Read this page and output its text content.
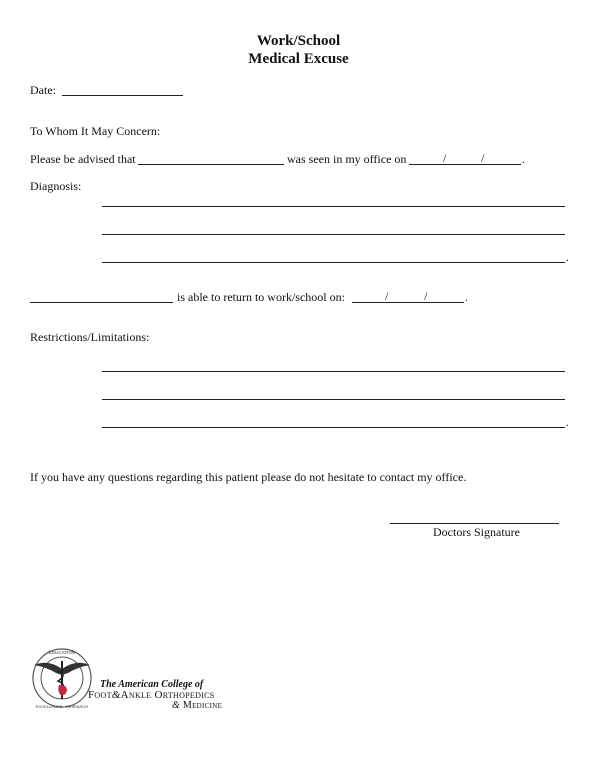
Work/School
Medical Excuse
Date:
To Whom It May Concern:
Please be advised that	was seen in my office on	/	/	.
Diagnosis:
.
is able to return to work/school on:	/	/	.
Restrictions/Limitations:
.
If you have any questions regarding this patient please do not hesitate to contact my office.
Doctors Signature
EDUCATION
EXCELLENCE · RESEARCH
The American College of
Foot&Ankle Orthopedics
& Medicine
